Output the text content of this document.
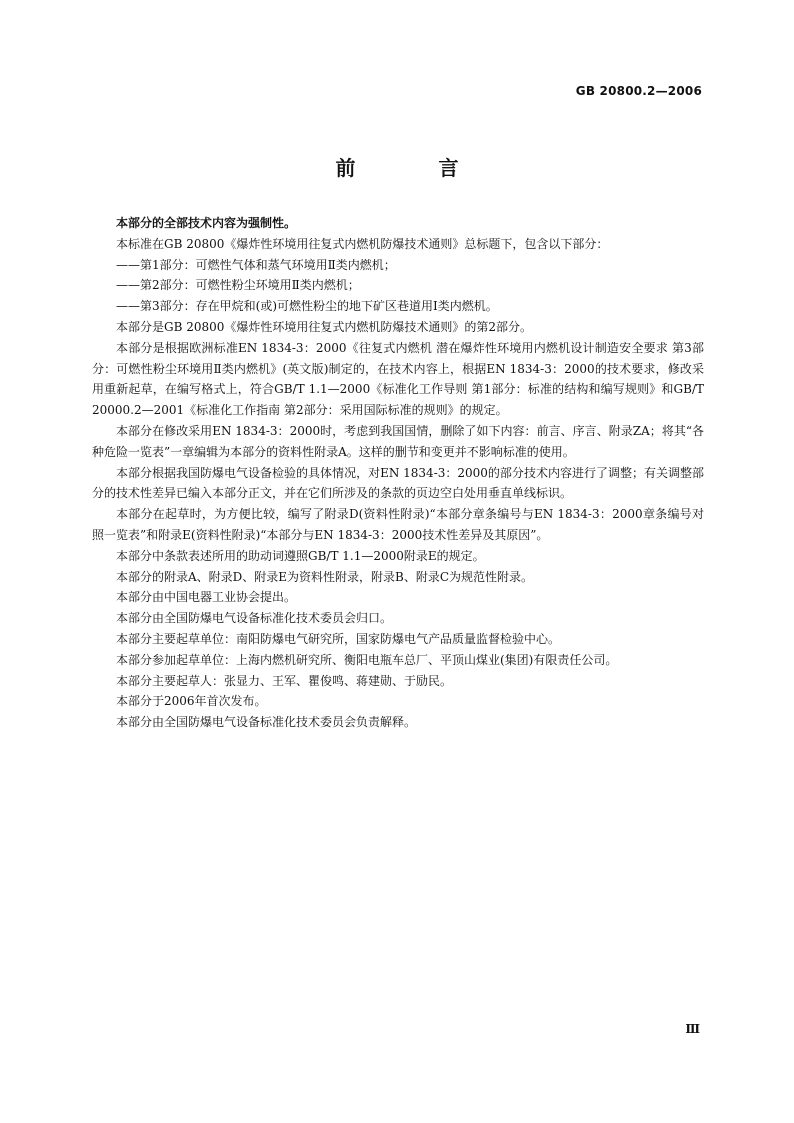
GB 20800.2—2006
前 言

本部分的全部技术内容为强制性。

本标准在GB 20800《爆炸性环境用往复式内燃机防爆技术通则》总标题下，包含以下部分：

——第1部分：可燃性气体和蒸气环境用Ⅱ类内燃机；

——第2部分：可燃性粉尘环境用Ⅱ类内燃机；

——第3部分：存在甲烷和(或)可燃性粉尘的地下矿区巷道用Ⅰ类内燃机。

本部分是GB 20800《爆炸性环境用往复式内燃机防爆技术通则》的第2部分。

本部分是根据欧洲标准EN 1834-3：2000《往复式内燃机 潜在爆炸性环境用内燃机设计制造安全要求 第3部分：可燃性粉尘环境用Ⅱ类内燃机》(英文版)制定的，在技术内容上，根据EN 1834-3：2000的技术要求，修改采用重新起草，在编写格式上，符合GB/T 1.1—2000《标准化工作导则 第1部分：标准的结构和编写规则》和GB/T 20000.2—2001《标准化工作指南 第2部分：采用国际标准的规则》的规定。

本部分在修改采用EN 1834-3：2000时，考虑到我国国情，删除了如下内容：前言、序言、附录ZA；将其“各种危险一览表”一章编辑为本部分的资料性附录A。这样的删节和变更并不影响标准的使用。

本部分根据我国防爆电气设备检验的具体情况，对EN 1834-3：2000的部分技术内容进行了调整；有关调整部分的技术性差异已编入本部分正文，并在它们所涉及的条款的页边空白处用垂直单线标识。

本部分在起草时，为方便比较，编写了附录D(资料性附录)“本部分章条编号与EN 1834-3：2000章条编号对照一览表”和附录E(资料性附录)“本部分与EN 1834-3：2000技术性差异及其原因”。

本部分中条款表述所用的助动词遵照GB/T 1.1—2000附录E的规定。

本部分的附录A、附录D、附录E为资料性附录，附录B、附录C为规范性附录。

本部分由中国电器工业协会提出。

本部分由全国防爆电气设备标准化技术委员会归口。

本部分主要起草单位：南阳防爆电气研究所，国家防爆电气产品质量监督检验中心。

本部分参加起草单位：上海内燃机研究所、衡阳电瓶车总厂、平顶山煤业(集团)有限责任公司。

本部分主要起草人：张显力、王军、瞿俊鸣、蒋建勋、于励民。

本部分于2006年首次发布。

本部分由全国防爆电气设备标准化技术委员会负责解释。

Ⅲ
